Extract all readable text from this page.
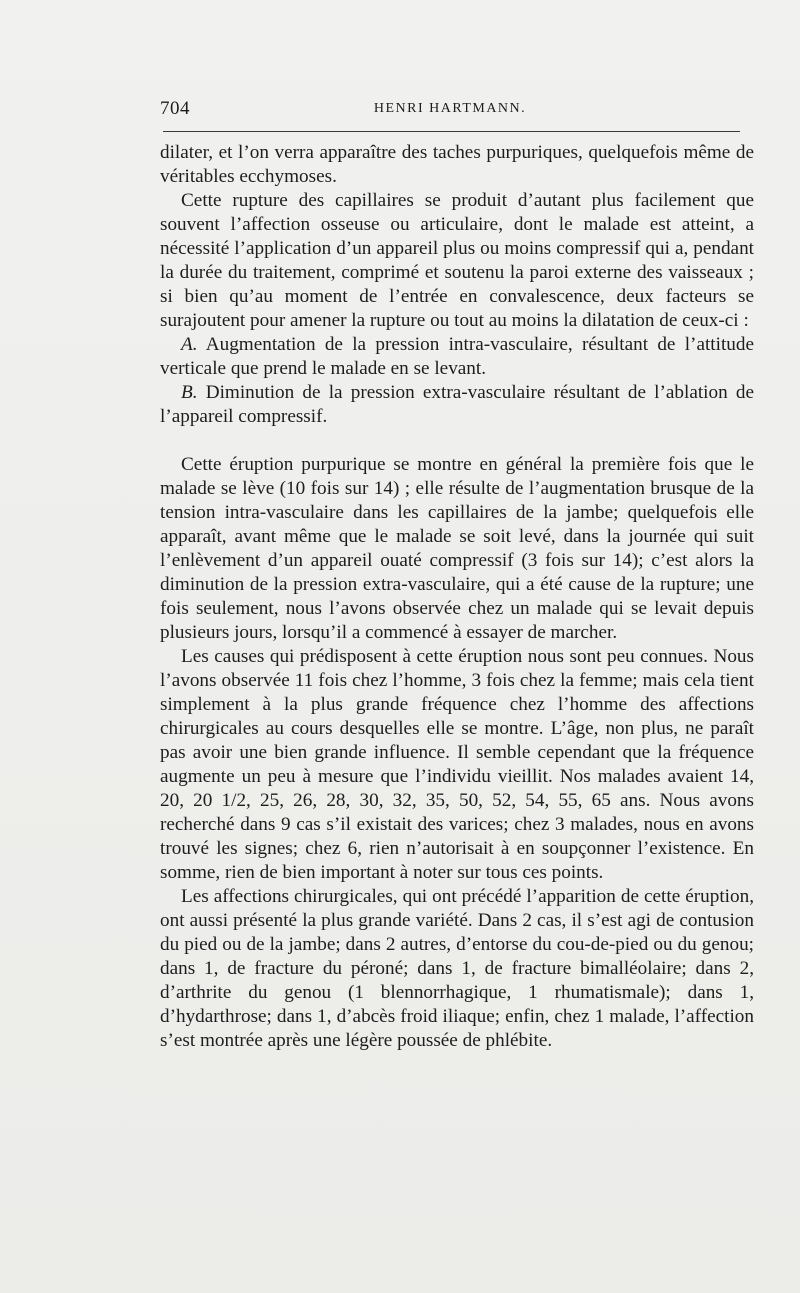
704	HENRI HARTMANN.

dilater, et l’on verra apparaître des taches purpuriques, quelquefois même de véritables ecchymoses.

Cette rupture des capillaires se produit d’autant plus facilement que souvent l’affection osseuse ou articulaire, dont le malade est atteint, a nécessité l’application d’un appareil plus ou moins compressif qui a, pendant la durée du traitement, comprimé et soutenu la paroi externe des vaisseaux ; si bien qu’au moment de l’entrée en convalescence, deux facteurs se surajoutent pour amener la rupture ou tout au moins la dilatation de ceux-ci :

A. Augmentation de la pression intra-vasculaire, résultant de l’attitude verticale que prend le malade en se levant.

B. Diminution de la pression extra-vasculaire résultant de l’ablation de l’appareil compressif.

Cette éruption purpurique se montre en général la première fois que le malade se lève (10 fois sur 14) ; elle résulte de l’augmentation brusque de la tension intra-vasculaire dans les capillaires de la jambe; quelquefois elle apparaît, avant même que le malade se soit levé, dans la journée qui suit l’enlèvement d’un appareil ouaté compressif (3 fois sur 14); c’est alors la diminution de la pression extra-vasculaire, qui a été cause de la rupture; une fois seulement, nous l’avons observée chez un malade qui se levait depuis plusieurs jours, lorsqu’il a commencé à essayer de marcher.

Les causes qui prédisposent à cette éruption nous sont peu connues. Nous l’avons observée 11 fois chez l’homme, 3 fois chez la femme; mais cela tient simplement à la plus grande fréquence chez l’homme des affections chirurgicales au cours desquelles elle se montre. L’âge, non plus, ne paraît pas avoir une bien grande influence. Il semble cependant que la fréquence augmente un peu à mesure que l’individu vieillit. Nos malades avaient 14, 20, 20 1/2, 25, 26, 28, 30, 32, 35, 50, 52, 54, 55, 65 ans. Nous avons recherché dans 9 cas s’il existait des varices; chez 3 malades, nous en avons trouvé les signes; chez 6, rien n’autorisait à en soupçonner l’existence. En somme, rien de bien important à noter sur tous ces points.

Les affections chirurgicales, qui ont précédé l’apparition de cette éruption, ont aussi présenté la plus grande variété. Dans 2 cas, il s’est agi de contusion du pied ou de la jambe; dans 2 autres, d’entorse du cou-de-pied ou du genou; dans 1, de fracture du péroné; dans 1, de fracture bimalléolaire; dans 2, d’arthrite du genou (1 blennorrhagique, 1 rhumatismale); dans 1, d’hydarthrose; dans 1, d’abcès froid iliaque; enfin, chez 1 malade, l’affection s’est montrée après une légère poussée de phlébite.
